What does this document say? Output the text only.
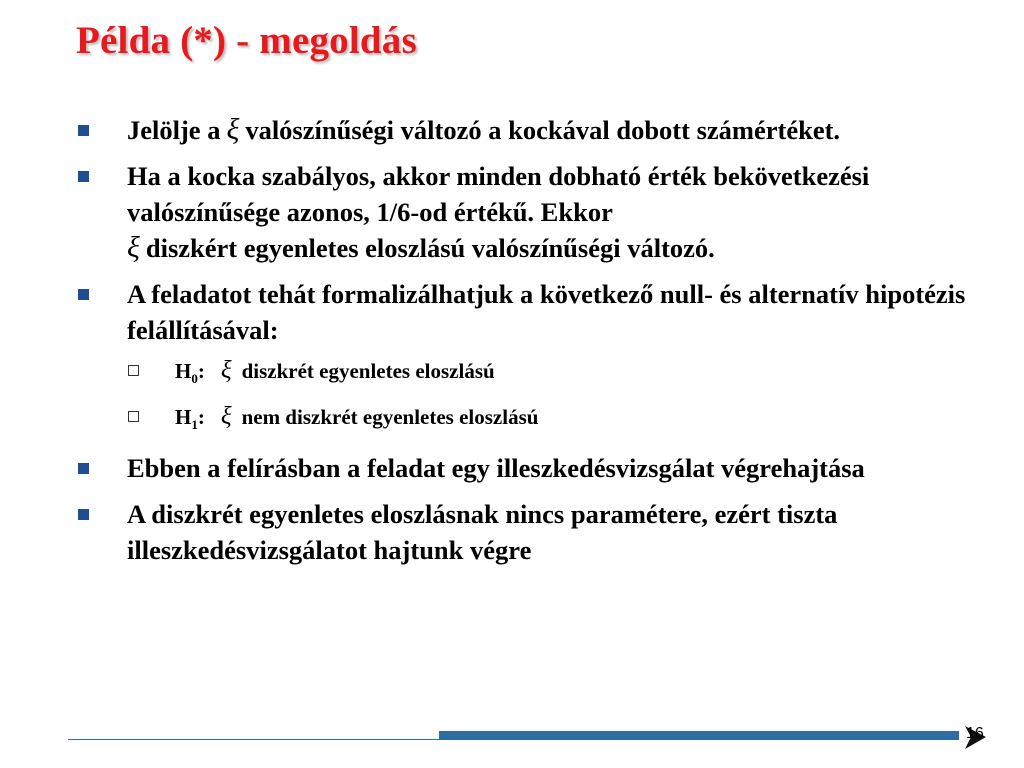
Példa (*) - megoldás
Jelölje a ξ valószínűségi változó a kockával dobott számértéket.
Ha a kocka szabályos, akkor minden dobható érték bekövetkezési valószínűsége azonos, 1/6-od értékű. Ekkor
ξ diszkért egyenletes eloszlású valószínűségi változó.
A feladatot tehát formalizálhatjuk a következő null- és alternatív hipotézis felállításával:
$H_0$: ξ diszkrét egyenletes eloszlású
$H_1$: ξ nem diszkrét egyenletes eloszlású
Ebben a felírásban a feladat egy illeszkedésvizsgálat végrehajtása
A diszkrét egyenletes eloszlásnak nincs paramétere, ezért tiszta illeszkedésvizsgálatot hajtunk végre
16
